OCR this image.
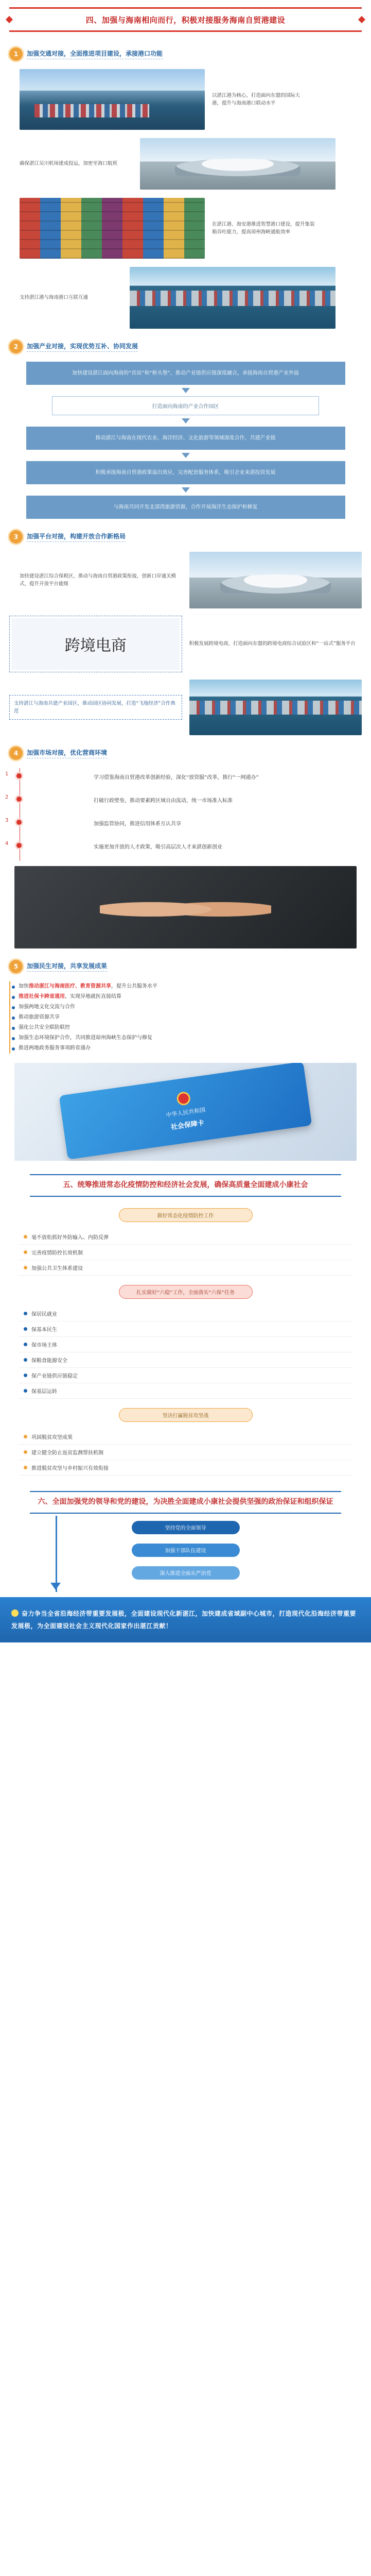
四、加强与海南相向而行，积极对接服务海南自贸港建设
1	加强交通对接，全面推进项目建设，承接港口功能

以湛江港为核心，打造面向东盟的国际大港，提升与海南港口联动水平

确保湛江吴川机场建成投运，加密至海口航班

在湛江港、海安港推进智慧港口建设，提升集装箱吞吐能力，提高琼州海峡通航效率

支持湛江港与海南港口互联互通

2	加强产业对接，实现优势互补、协同发展
加快建设湛江面向海南的“首站”和“桥头堡”，推动产业链供应链深度融合，承接海南自贸港产业外溢
打造面向海南的产业合作园区
推动湛江与海南在现代农业、海洋经济、文化旅游等领域深度合作，共建产业链
积极承接海南自贸港政策溢出效应，完善配套服务体系，吸引企业来湛投资发展
与海南共同开发北部湾旅游资源，合作开展海洋生态保护和修复
3	加强平台对接，构建开放合作新格局

加快建设湛江综合保税区，推动与海南自贸港政策衔接，创新口岸通关模式，提升开放平台能级

跨境电商	积极发展跨境电商，打造面向东盟的跨境电商综合试验区和“一站式”服务平台

支持湛江与海南共建产业园区，推动园区协同发展，打造“飞地经济”合作典范

4	加强市场对接，优化营商环境
1

学习借鉴海南自贸港改革创新经验，深化“放管服”改革，推行“一网通办”

2

打破行政壁垒，推动要素跨区域自由流动，统一市场准入标准

3

加强监管协同，推进信用体系互认共享

4

实施更加开放的人才政策，吸引高层次人才来湛创新创业

5	加强民生对接，共享发展成果
加快推动湛江与海南医疗、教育资源共享，提升公共服务水平
推进社保卡跨省通用，实现异地就医直接结算
加强两地文化交流与合作
推动旅游资源共享
强化公共安全联防联控
加强生态环境保护合作，共同推进琼州海峡生态保护与修复
推进两地政务服务事项跨省通办
中华人民共和国
社会保障卡
五、统筹推进常态化疫情防控和经济社会发展，确保高质量全面建成小康社会
做好常态化疫情防控工作
毫不放松抓好外防输入、内防反弹
完善疫情防控长效机制
加强公共卫生体系建设
扎实做好“六稳”工作，全面落实“六保”任务
保居民就业
保基本民生
保市场主体
保粮食能源安全
保产业链供应链稳定
保基层运转
坚决打赢脱贫攻坚战
巩固脱贫攻坚成果
建立健全防止返贫监测帮扶机制
推进脱贫攻坚与乡村振兴有效衔接
六、全面加强党的领导和党的建设，为决胜全面建成小康社会提供坚强的政治保证和组织保证
坚持党的全面领导
加强干部队伍建设
深入推进全面从严治党
奋力争当全省沿海经济带重要发展极，全面建设现代化新湛江，加快建成省域副中心城市，打造现代化沿海经济带重要发展极，为全面建设社会主义现代化国家作出湛江贡献！
